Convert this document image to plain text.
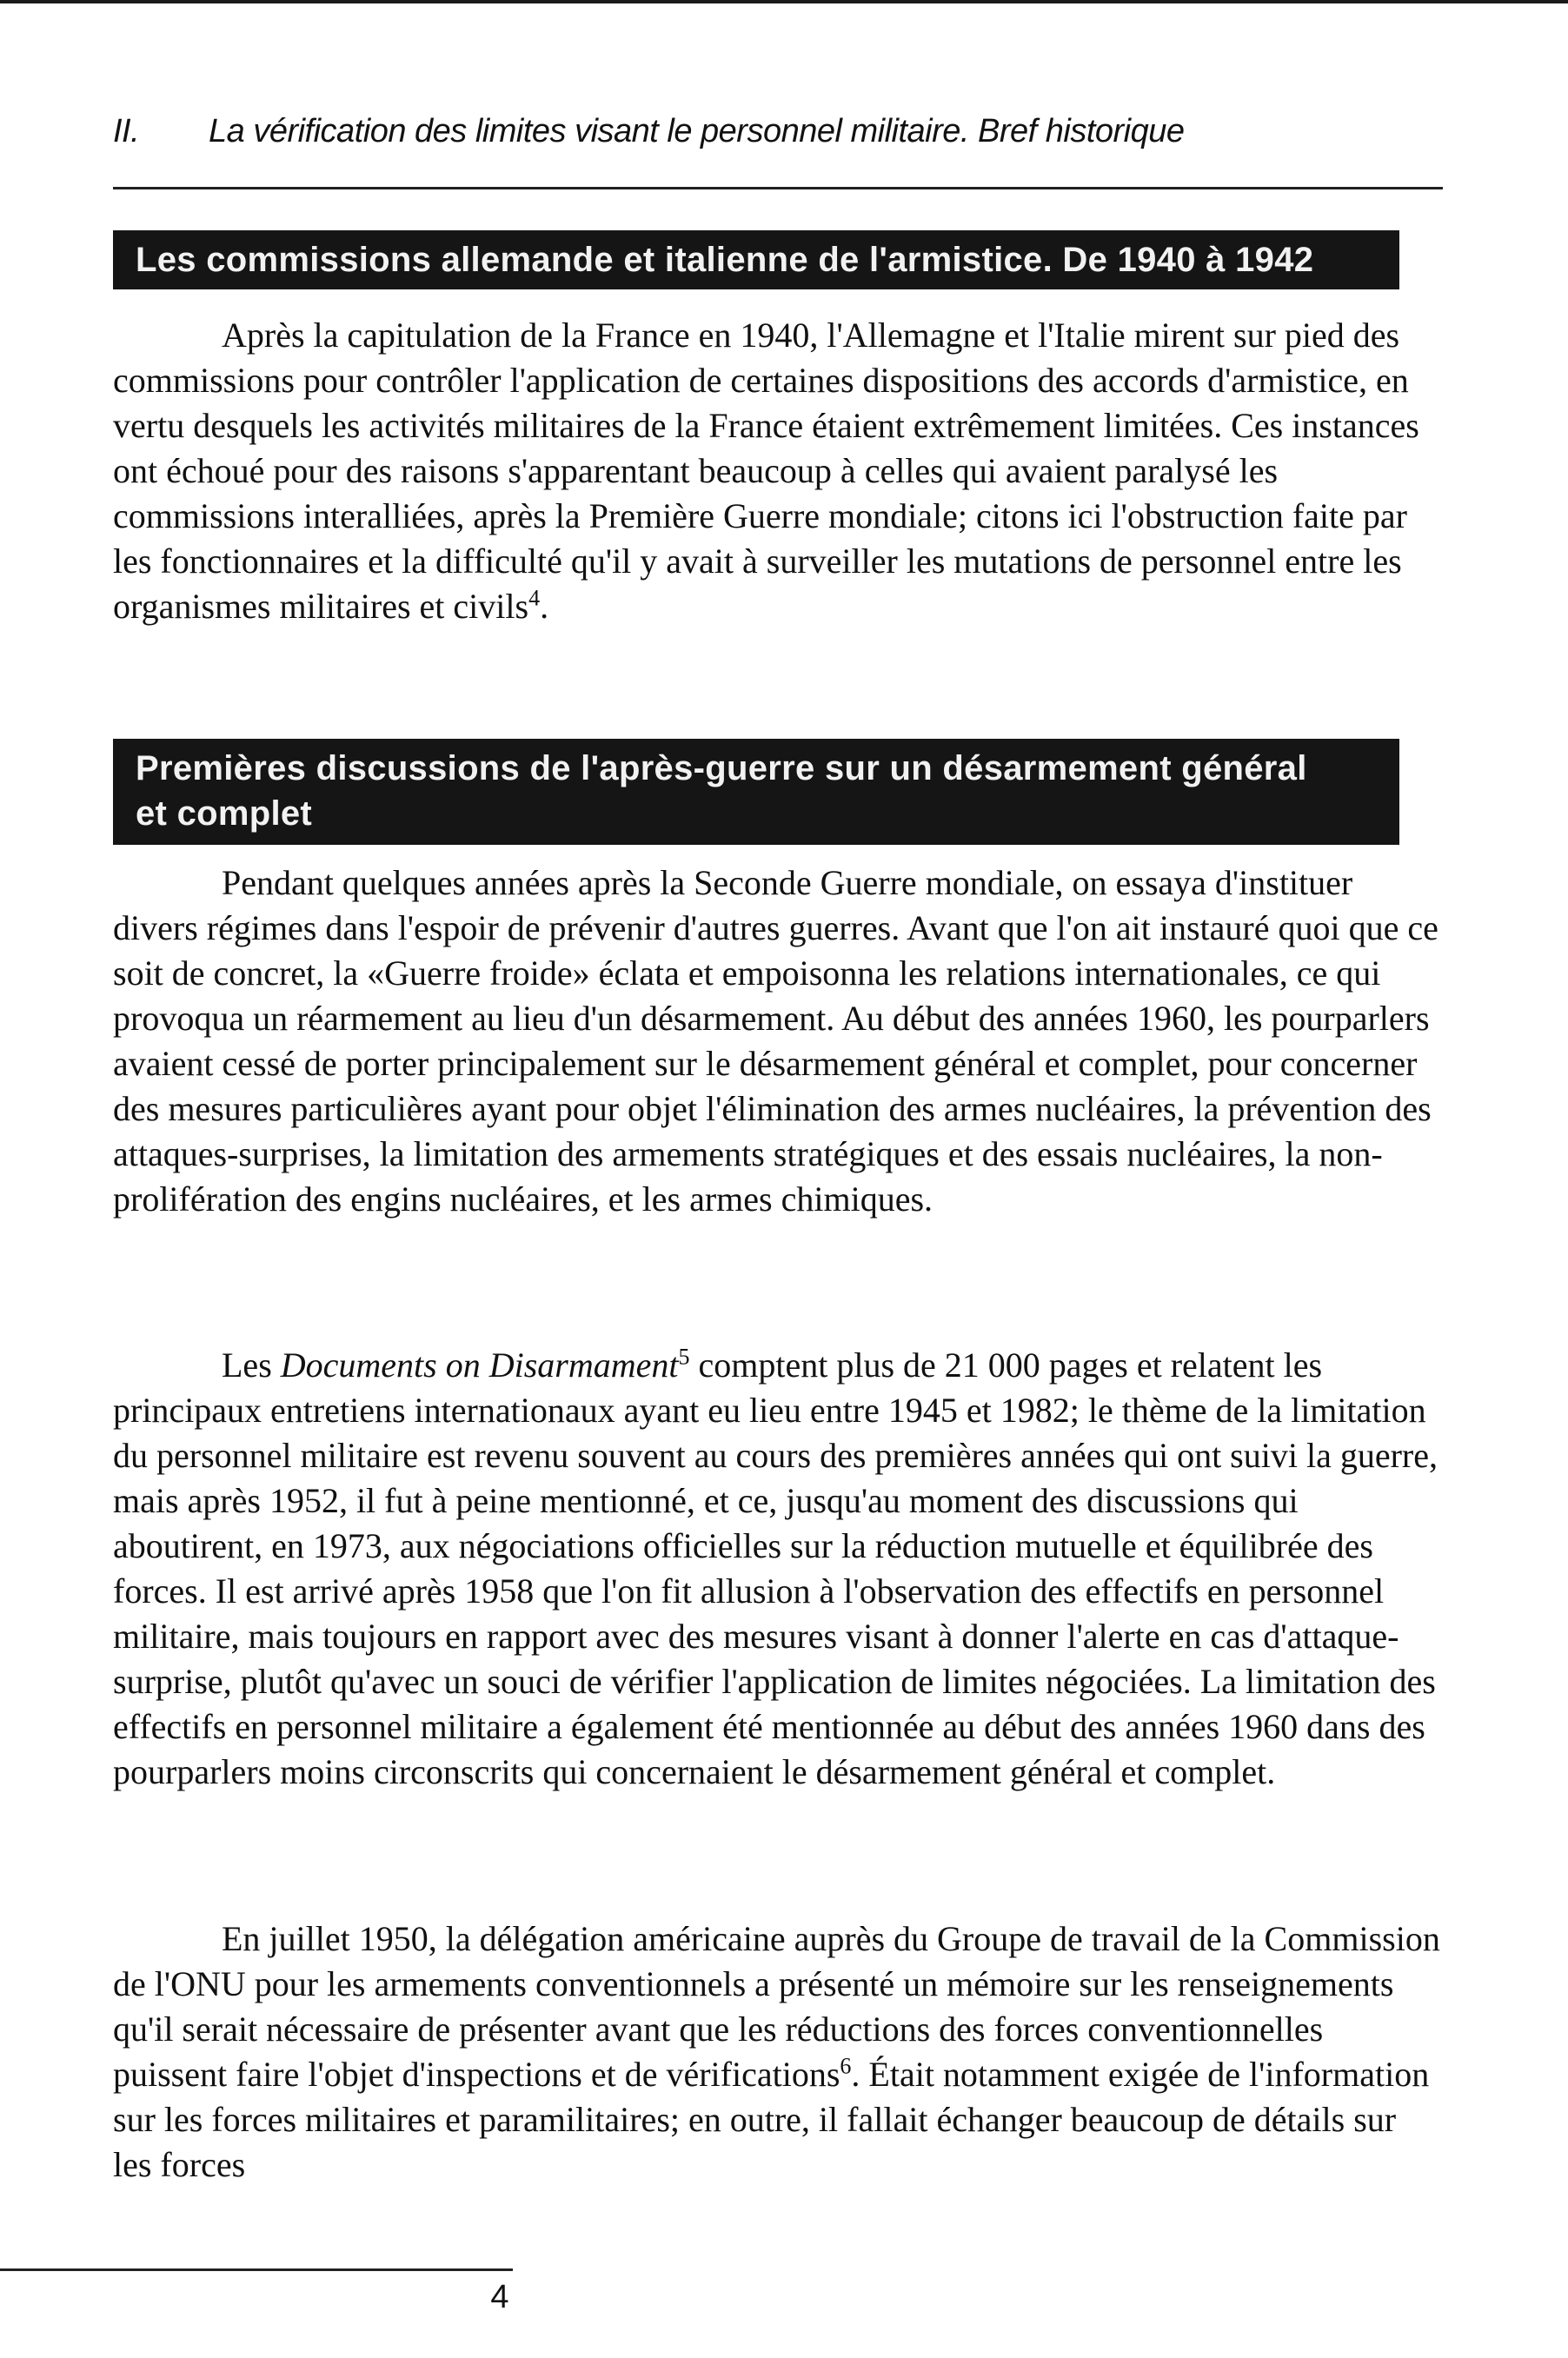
II. La vérification des limites visant le personnel militaire. Bref historique
Les commissions allemande et italienne de l'armistice. De 1940 à 1942

Après la capitulation de la France en 1940, l'Allemagne et l'Italie mirent sur pied des commissions pour contrôler l'application de certaines dispositions des accords d'armistice, en vertu desquels les activités militaires de la France étaient extrêmement limitées. Ces instances ont échoué pour des raisons s'apparentant beaucoup à celles qui avaient paralysé les commissions interalliées, après la Première Guerre mondiale; citons ici l'obstruction faite par les fonctionnaires et la difficulté qu'il y avait à surveiller les mutations de personnel entre les organismes militaires et civils$^4$.

Premières discussions de l'après-guerre sur un désarmement général
et complet

Pendant quelques années après la Seconde Guerre mondiale, on essaya d'instituer divers régimes dans l'espoir de prévenir d'autres guerres. Avant que l'on ait instauré quoi que ce soit de concret, la «Guerre froide» éclata et empoisonna les relations internationales, ce qui provoqua un réarmement au lieu d'un désarmement. Au début des années 1960, les pourparlers avaient cessé de porter principalement sur le désarmement général et complet, pour concerner des mesures particulières ayant pour objet l'élimination des armes nucléaires, la prévention des attaques-surprises, la limitation des armements stratégiques et des essais nucléaires, la non-prolifération des engins nucléaires, et les armes chimiques.

Les Documents on Disarmament$^5$ comptent plus de 21 000 pages et relatent les principaux entretiens internationaux ayant eu lieu entre 1945 et 1982; le thème de la limitation du personnel militaire est revenu souvent au cours des premières années qui ont suivi la guerre, mais après 1952, il fut à peine mentionné, et ce, jusqu'au moment des discussions qui aboutirent, en 1973, aux négociations officielles sur la réduction mutuelle et équilibrée des forces. Il est arrivé après 1958 que l'on fit allusion à l'observation des effectifs en personnel militaire, mais toujours en rapport avec des mesures visant à donner l'alerte en cas d'attaque-surprise, plutôt qu'avec un souci de vérifier l'application de limites négociées. La limitation des effectifs en personnel militaire a également été mentionnée au début des années 1960 dans des pourparlers moins circonscrits qui concernaient le désarmement général et complet.

En juillet 1950, la délégation américaine auprès du Groupe de travail de la Commission de l'ONU pour les armements conventionnels a présenté un mémoire sur les renseignements qu'il serait nécessaire de présenter avant que les réductions des forces conventionnelles puissent faire l'objet d'inspections et de vérifications$^6$. Était notamment exigée de l'information sur les forces militaires et paramilitaires; en outre, il fallait échanger beaucoup de détails sur les forces

4
